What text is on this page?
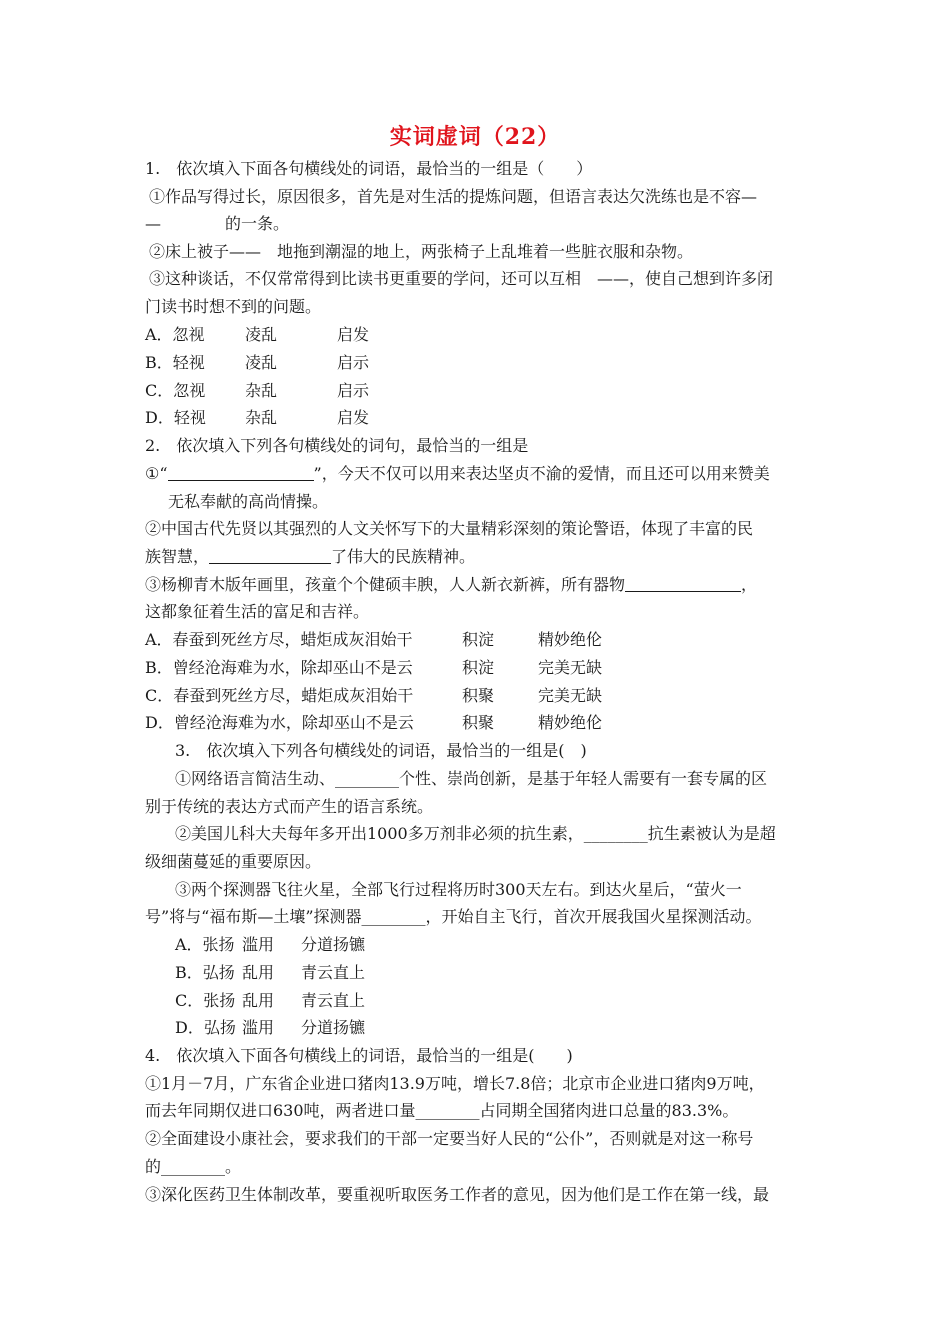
实词虚词（22）
1.　依次填入下面各句横线处的词语，最恰当的一组是（　　）
①作品写得过长，原因很多，首先是对生活的提炼问题，但语言表达欠洗练也是不容—
—　　　　的一条。
②床上被子——　地拖到潮湿的地上，两张椅子上乱堆着一些脏衣服和杂物。
③这种谈话，不仅常常得到比读书更重要的学问，还可以互相　——，使自己想到许多闭
门读书时想不到的问题。
A．忽视	凌乱	启发
B．轻视	凌乱	启示
C．忽视 杂乱	启示
D．轻视 杂乱	启发
2.　依次填入下列各句横线处的词句，最恰当的一组是
①“	”，今天不仅可以用来表达坚贞不渝的爱情，而且还可以用来赞美
无私奉献的高尚情操。
②中国古代先贤以其强烈的人文关怀写下的大量精彩深刻的策论警语，体现了丰富的民
族智慧，	了伟大的民族精神。
③杨柳青木版年画里，孩童个个健硕丰腴，人人新衣新裤，所有器物	，
这都象征着生活的富足和吉祥。
A．春蚕到死丝方尽，蜡炬成灰泪始干	积淀	精妙绝伦
B．曾经沧海难为水，除却巫山不是云	积淀	完美无缺
C．春蚕到死丝方尽，蜡炬成灰泪始干	积聚	完美无缺
D．曾经沧海难为水，除却巫山不是云	积聚	精妙绝伦
3.　依次填入下列各句横线处的词语，最恰当的一组是(　)
①网络语言简洁生动、________个性、崇尚创新，是基于年轻人需要有一套专属的区
别于传统的表达方式而产生的语言系统。
②美国儿科大夫每年多开出1000多万剂非必须的抗生素，________抗生素被认为是超
级细菌蔓延的重要原因。
③两个探测器飞往火星，全部飞行过程将历时300天左右。到达火星后，“萤火一
号”将与“福布斯—土壤”探测器________，开始自主飞行，首次开展我国火星探测活动。
A．张扬 滥用 分道扬镳
B．弘扬 乱用 青云直上
C．张扬 乱用 青云直上
D．弘扬 滥用 分道扬镳
4.　依次填入下面各句横线上的词语，最恰当的一组是(　　)
①1月－7月，广东省企业进口猪肉13.9万吨，增长7.8倍；北京市企业进口猪肉9万吨，
而去年同期仅进口630吨，两者进口量________占同期全国猪肉进口总量的83.3%。
②全面建设小康社会，要求我们的干部一定要当好人民的“公仆”，否则就是对这一称号
的________。
③深化医药卫生体制改革，要重视听取医务工作者的意见，因为他们是工作在第一线，最
